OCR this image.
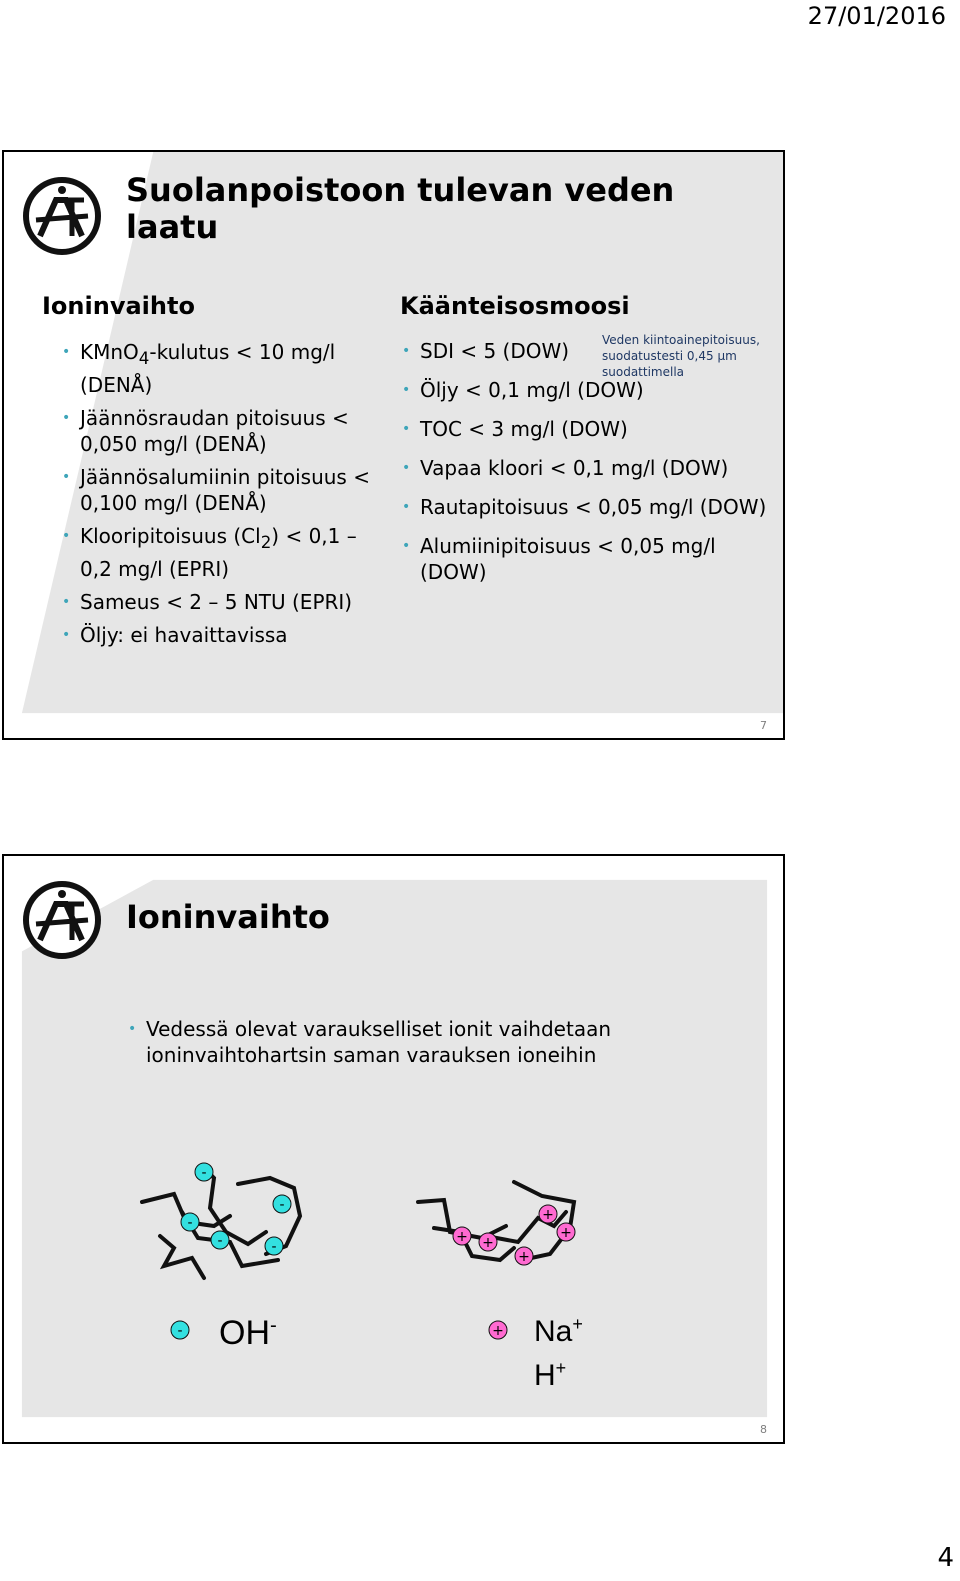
27/01/2016
Suolanpoistoon tulevan veden laatu
Ioninvaihto
• KMnO$_4$-kulutus < 10 mg/l (DENÅ)
• Jäännösraudan pitoisuus < 0,050 mg/l (DENÅ)
• Jäännösalumiinin pitoisuus < 0,100 mg/l (DENÅ)
• Klooripitoisuus $(Cl_2) < 0,1 - 0,2$ mg/l (EPRI)
• Sameus < 2 – 5 NTU (EPRI)
• Öljy: ei havaittavissa
Käänteisosmoosi
• SDI < 5 (DOW)
• Öljy < 0,1 mg/l (DOW)
• TOC < 3 mg/l (DOW)
• Vapaa kloori < 0,1 mg/l (DOW)
• Rautapitoisuus < 0,05 mg/l (DOW)
• Alumiinipitoisuus < 0,05 mg/l (DOW)
Veden kiintoainepitoisuus, suodatustesti 0,45 µm suodattimella
7
Ioninvaihto
• Vedessä olevat varaukselliset ionit vaihdetaan ioninvaihtohartsin saman varauksen ioneihin
-
-
-
-	-
-
+
+
+ +
+
+
OH-	Na+
H+
8
4
